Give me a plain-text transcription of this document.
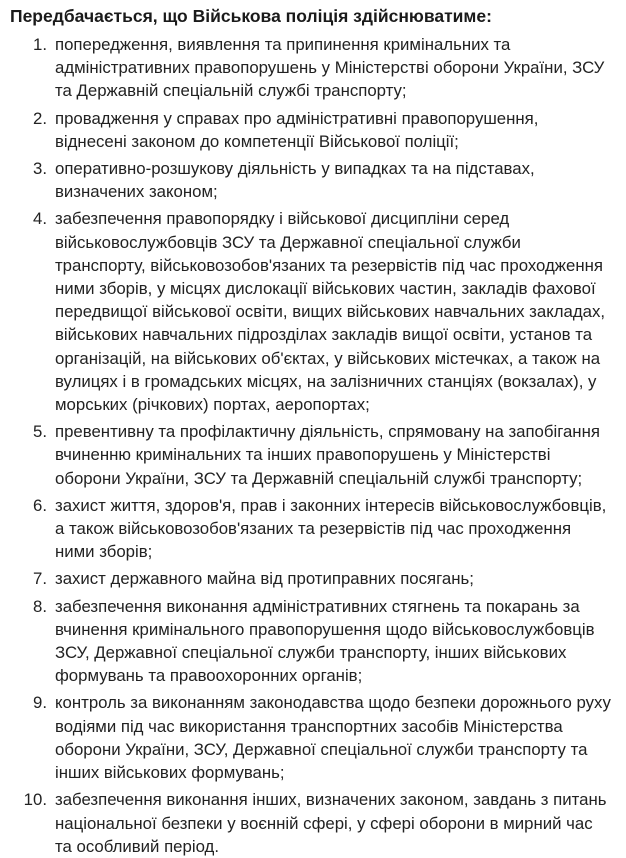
Передбачається, що Військова поліція здійснюватиме:
1. попередження, виявлення та припинення кримінальних та адміністративних правопорушень у Міністерстві оборони України, ЗСУ та Державній спеціальній службі транспорту;
2. провадження у справах про адміністративні правопорушення, віднесені законом до компетенції Військової поліції;
3. оперативно-розшукову діяльність у випадках та на підставах, визначених законом;
4. забезпечення правопорядку і військової дисципліни серед військовослужбовців ЗСУ та Державної спеціальної служби транспорту, військовозобов'язаних та резервістів під час проходження ними зборів, у місцях дислокації військових частин, закладів фахової передвищої військової освіти, вищих військових навчальних закладах, військових навчальних підрозділах закладів вищої освіти, установ та організацій, на військових об'єктах, у військових містечках, а також на вулицях і в громадських місцях, на залізничних станціях (вокзалах), у морських (річкових) портах, аеропортах;
5. превентивну та профілактичну діяльність, спрямовану на запобігання вчиненню кримінальних та інших правопорушень у Міністерстві оборони України, ЗСУ та Державній спеціальній службі транспорту;
6. захист життя, здоров'я, прав і законних інтересів військовослужбовців, а також військовозобов'язаних та резервістів під час проходження ними зборів;
7. захист державного майна від протиправних посягань;
8. забезпечення виконання адміністративних стягнень та покарань за вчинення кримінального правопорушення щодо військовослужбовців ЗСУ, Державної спеціальної служби транспорту, інших військових формувань та правоохоронних органів;
9. контроль за виконанням законодавства щодо безпеки дорожнього руху водіями під час використання транспортних засобів Міністерства оборони України, ЗСУ, Державної спеціальної служби транспорту та інших військових формувань;
10. забезпечення виконання інших, визначених законом, завдань з питань національної безпеки у воєнній сфері, у сфері оборони в мирний час та особливий період.
